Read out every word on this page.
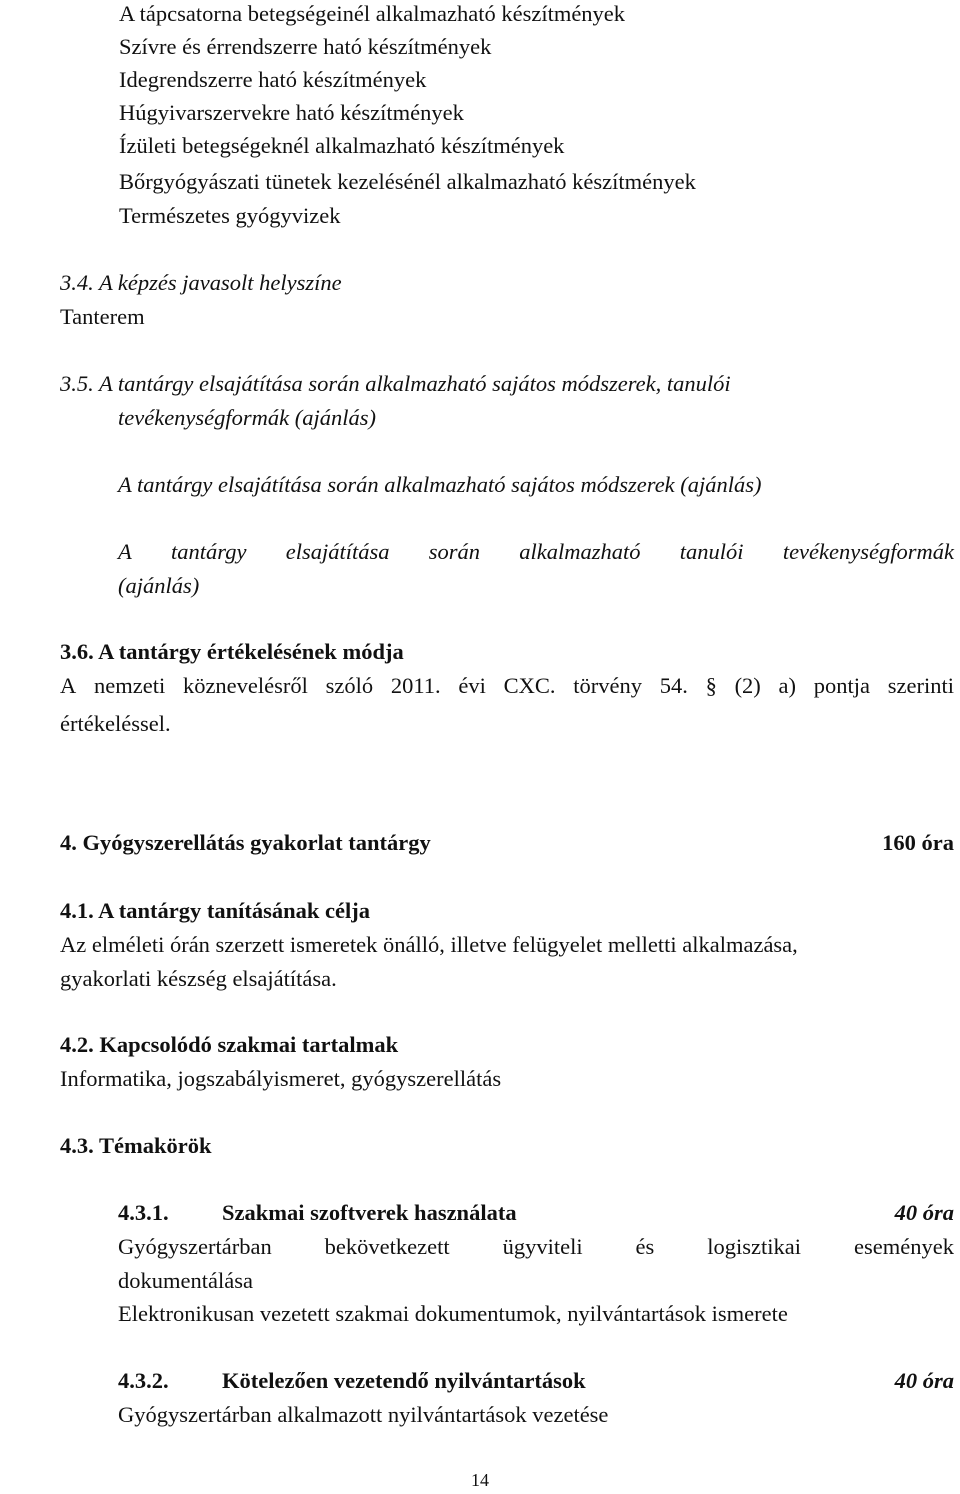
A tápcsatorna betegségeinél alkalmazható készítmények
Szívre és érrendszerre ható készítmények
Idegrendszerre ható készítmények
Húgyivarszervekre ható készítmények
Ízületi betegségeknél alkalmazható készítmények
Bőrgyógyászati tünetek kezelésénél alkalmazható készítmények
Természetes gyógyvizek
3.4. A képzés javasolt helyszíne
Tanterem
3.5. A tantárgy elsajátítása során alkalmazható sajátos módszerek, tanulói
tevékenységformák (ajánlás)
A tantárgy elsajátítása során alkalmazható sajátos módszerek (ajánlás)
A tantárgy elsajátítása során alkalmazható tanulói tevékenységformák
(ajánlás)
3.6. A tantárgy értékelésének módja
A nemzeti köznevelésről szóló 2011. évi CXC. törvény 54. § (2) a) pontja szerinti
értékeléssel.
4. Gyógyszerellátás gyakorlat tantárgy	160 óra
4.1. A tantárgy tanításának célja
Az elméleti órán szerzett ismeretek önálló, illetve felügyelet melletti alkalmazása,
gyakorlati készség elsajátítása.
4.2. Kapcsolódó szakmai tartalmak
Informatika, jogszabályismeret, gyógyszerellátás
4.3. Témakörök
4.3.1. Szakmai szoftverek használata	40 óra
Gyógyszertárban bekövetkezett ügyviteli és logisztikai események
dokumentálása
Elektronikusan vezetett szakmai dokumentumok, nyilvántartások ismerete
4.3.2. Kötelezően vezetendő nyilvántartások	40 óra
Gyógyszertárban alkalmazott nyilvántartások vezetése
14
